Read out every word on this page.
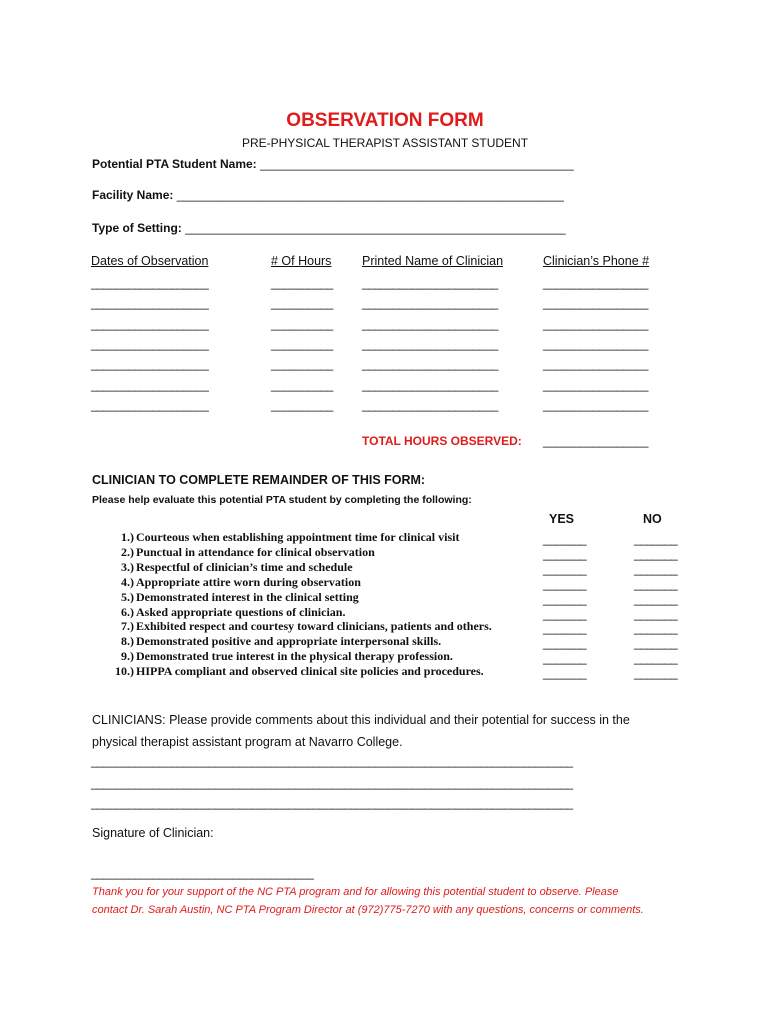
OBSERVATION FORM
PRE-PHYSICAL THERAPIST ASSISTANT STUDENT
Potential PTA Student Name: _______________________________________________
Facility Name: __________________________________________________________
Type of Setting: _________________________________________________________
Dates of Observation	# Of Hours Printed Name of Clinician	Clinician’s Phone #
___________________	__________ ______________________	_________________
___________________	__________ ______________________	_________________
___________________	__________ ______________________	_________________
___________________	__________ ______________________	_________________
___________________	__________ ______________________	_________________
___________________	__________ ______________________	_________________
___________________	__________ ______________________	_________________
TOTAL HOURS OBSERVED: _________________
CLINICIAN TO COMPLETE REMAINDER OF THIS FORM:
Please help evaluate this potential PTA student by completing the following:
YES	NO
1.) Courteous when establishing appointment time for clinical visit	_______	_______
2.) Punctual in attendance for clinical observation	_______	_______
3.) Respectful of clinician’s time and schedule	_______	_______
4.) Appropriate attire worn during observation	_______	_______
5.) Demonstrated interest in the clinical setting	_______	_______
6.) Asked appropriate questions of clinician.	_______	_______
7.) Exhibited respect and courtesy toward clinicians, patients and others.	_______	_______
8.) Demonstrated positive and appropriate interpersonal skills.	_______	_______
9.) Demonstrated true interest in the physical therapy profession.	_______	_______
10.) HIPPA compliant and observed clinical site policies and procedures.	_______	_______
CLINICIANS: Please provide comments about this individual and their potential for success in the
physical therapist assistant program at Navarro College.
______________________________________________________________________________
______________________________________________________________________________
______________________________________________________________________________
Signature of Clinician:
____________________________________
Thank you for your support of the NC PTA program and for allowing this potential student to observe. Please
contact Dr. Sarah Austin, NC PTA Program Director at (972)775-7270 with any questions, concerns or comments.
